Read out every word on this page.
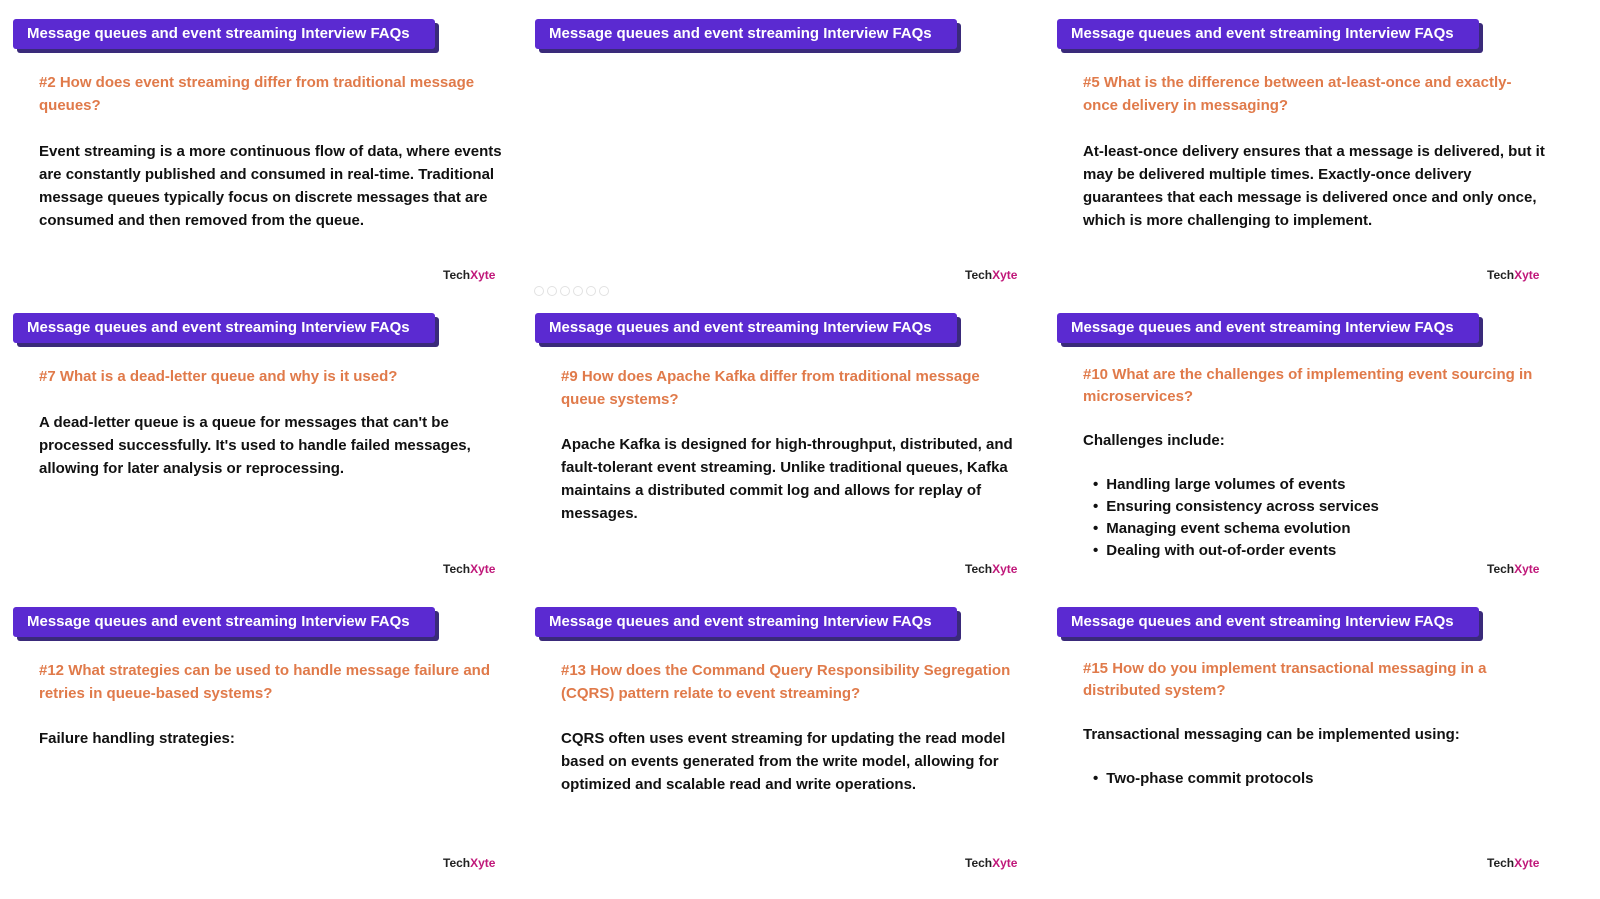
Message queues and event streaming Interview FAQs
#2 How does event streaming differ from traditional message queues?

Event streaming is a more continuous flow of data, where events are constantly published and consumed in real-time. Traditional message queues typically focus on discrete messages that are consumed and then removed from the queue.

TechXyte
Message queues and event streaming Interview FAQs
TechXyte
Message queues and event streaming Interview FAQs
#5 What is the difference between at-least-once and exactly-once delivery in messaging?

At-least-once delivery ensures that a message is delivered, but it may be delivered multiple times. Exactly-once delivery guarantees that each message is delivered once and only once, which is more challenging to implement.

TechXyte
Message queues and event streaming Interview FAQs
#7 What is a dead-letter queue and why is it used?

A dead-letter queue is a queue for messages that can't be processed successfully. It's used to handle failed messages, allowing for later analysis or reprocessing.

TechXyte
Message queues and event streaming Interview FAQs
#9 How does Apache Kafka differ from traditional message queue systems?

Apache Kafka is designed for high-throughput, distributed, and fault-tolerant event streaming. Unlike traditional queues, Kafka maintains a distributed commit log and allows for replay of messages.

TechXyte
Message queues and event streaming Interview FAQs
#10 What are the challenges of implementing event sourcing in microservices?

Challenges include:

• Handling large volumes of events
• Ensuring consistency across services
• Managing event schema evolution
• Dealing with out-of-order events
TechXyte
Message queues and event streaming Interview FAQs
#12 What strategies can be used to handle message failure and retries in queue-based systems?

Failure handling strategies:

TechXyte
Message queues and event streaming Interview FAQs
#13 How does the Command Query Responsibility Segregation (CQRS) pattern relate to event streaming?

CQRS often uses event streaming for updating the read model based on events generated from the write model, allowing for optimized and scalable read and write operations.

TechXyte
Message queues and event streaming Interview FAQs
#15 How do you implement transactional messaging in a distributed system?

Transactional messaging can be implemented using:

• Two-phase commit protocols
TechXyte
